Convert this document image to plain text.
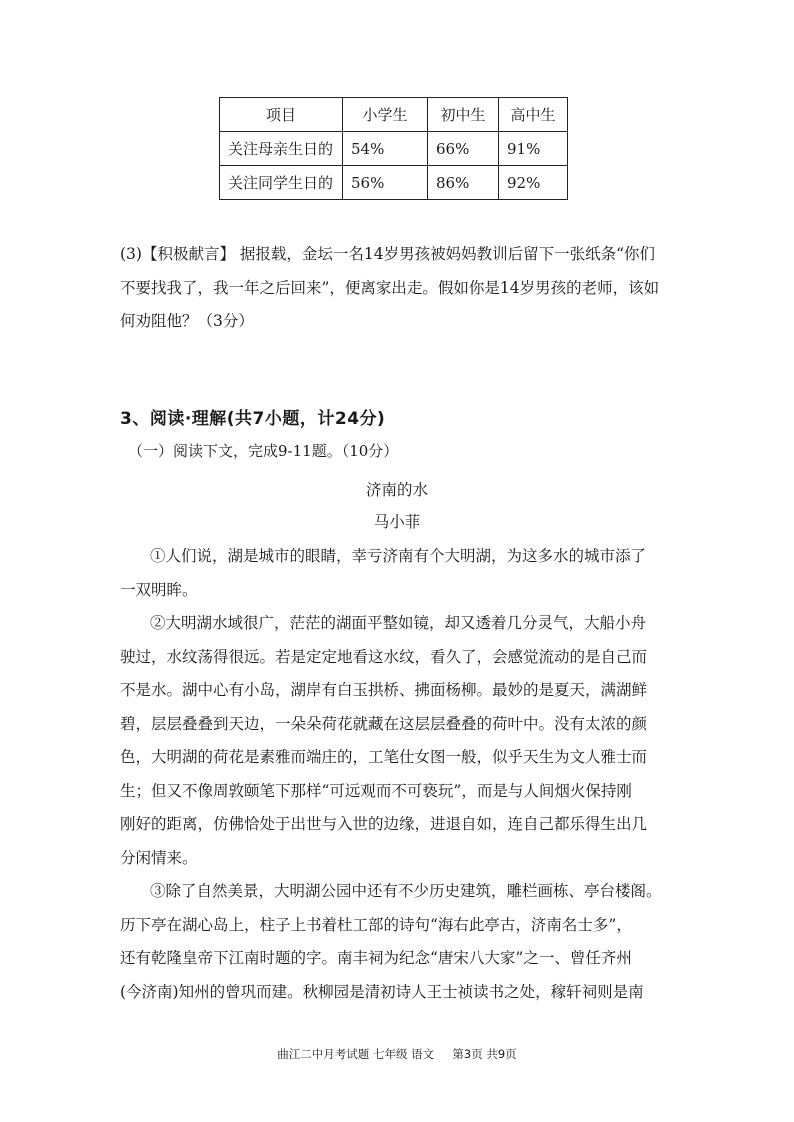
项目	小学生	初中生	高中生
关注母亲生日的	54%	66%	91%
关注同学生日的	56%	86%	92%
(3)【积极献言】 据报载，金坛一名14岁男孩被妈妈教训后留下一张纸条“你们
不要找我了，我一年之后回来”，便离家出走。假如你是14岁男孩的老师，该如
何劝阻他？（3分）
3、阅读·理解(共7小题，计24分)
（一）阅读下文，完成9-11题。（10分）
济南的水
马小菲
①人们说，湖是城市的眼睛，幸亏济南有个大明湖，为这多水的城市添了
一双明眸。
②大明湖水域很广，茫茫的湖面平整如镜，却又透着几分灵气，大船小舟
驶过，水纹荡得很远。若是定定地看这水纹，看久了，会感觉流动的是自己而
不是水。湖中心有小岛，湖岸有白玉拱桥、拂面杨柳。最妙的是夏天，满湖鲜
碧，层层叠叠到天边，一朵朵荷花就藏在这层层叠叠的荷叶中。没有太浓的颜
色，大明湖的荷花是素雅而端庄的，工笔仕女图一般，似乎天生为文人雅士而
生；但又不像周敦颐笔下那样“可远观而不可亵玩”，而是与人间烟火保持刚
刚好的距离，仿佛恰处于出世与入世的边缘，进退自如，连自己都乐得生出几
分闲情来。
③除了自然美景，大明湖公园中还有不少历史建筑，雕栏画栋、亭台楼阁。
历下亭在湖心岛上，柱子上书着杜工部的诗句“海右此亭古，济南名士多”，
还有乾隆皇帝下江南时题的字。南丰祠为纪念“唐宋八大家”之一、曾任齐州
(今济南)知州的曾巩而建。秋柳园是清初诗人王士祯读书之处，稼轩祠则是南
曲江二中月考试题 七年级 语文     第3页 共9页
